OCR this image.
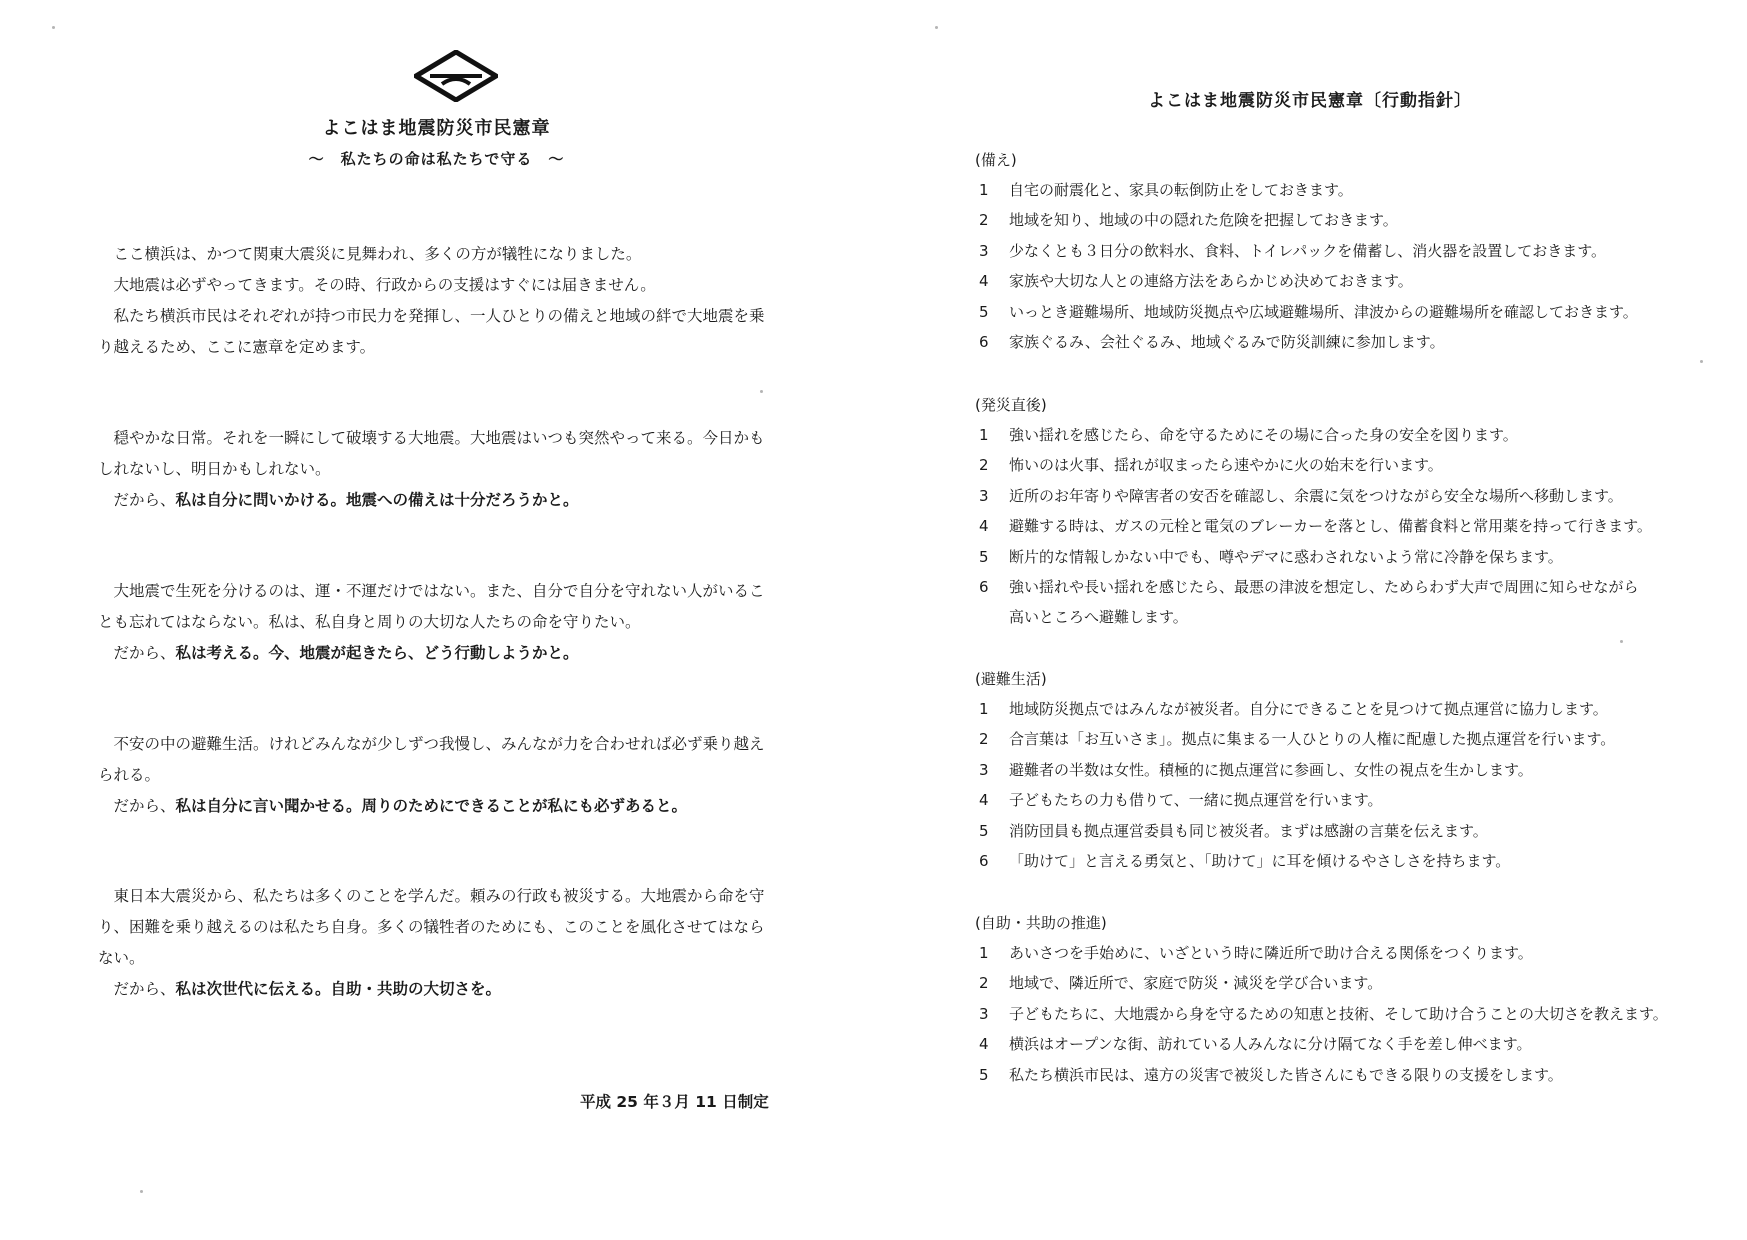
よこはま地震防災市民憲章
～　私たちの命は私たちで守る　～

ここ横浜は、かつて関東大震災に見舞われ、多くの方が犠牲になりました。

大地震は必ずやってきます。その時、行政からの支援はすぐには届きません。

私たち横浜市民はそれぞれが持つ市民力を発揮し、一人ひとりの備えと地域の絆で大地震を乗り越えるため、ここに憲章を定めます。

穏やかな日常。それを一瞬にして破壊する大地震。大地震はいつも突然やって来る。今日かもしれないし、明日かもしれない。

だから、私は自分に問いかける。地震への備えは十分だろうかと。

大地震で生死を分けるのは、運・不運だけではない。また、自分で自分を守れない人がいることも忘れてはならない。私は、私自身と周りの大切な人たちの命を守りたい。

だから、私は考える。今、地震が起きたら、どう行動しようかと。

不安の中の避難生活。けれどみんなが少しずつ我慢し、みんなが力を合わせれば必ず乗り越えられる。

だから、私は自分に言い聞かせる。周りのためにできることが私にも必ずあると。

東日本大震災から、私たちは多くのことを学んだ。頼みの行政も被災する。大地震から命を守り、困難を乗り越えるのは私たち自身。多くの犠牲者のためにも、このことを風化させてはならない。

だから、私は次世代に伝える。自助・共助の大切さを。

平成 25 年３月 11 日制定
よこはま地震防災市民憲章〔行動指針〕
(備え)
1 自宅の耐震化と、家具の転倒防止をしておきます。
2 地域を知り、地域の中の隠れた危険を把握しておきます。
3 少なくとも３日分の飲料水、食料、トイレパックを備蓄し、消火器を設置しておきます。
4 家族や大切な人との連絡方法をあらかじめ決めておきます。
5 いっとき避難場所、地域防災拠点や広域避難場所、津波からの避難場所を確認しておきます。
6 家族ぐるみ、会社ぐるみ、地域ぐるみで防災訓練に参加します。
(発災直後)
1 強い揺れを感じたら、命を守るためにその場に合った身の安全を図ります。
2 怖いのは火事、揺れが収まったら速やかに火の始末を行います。
3 近所のお年寄りや障害者の安否を確認し、余震に気をつけながら安全な場所へ移動します。
4 避難する時は、ガスの元栓と電気のブレーカーを落とし、備蓄食料と常用薬を持って行きます。
5 断片的な情報しかない中でも、噂やデマに惑わされないよう常に冷静を保ちます。
6 強い揺れや長い揺れを感じたら、最悪の津波を想定し、ためらわず大声で周囲に知らせながら
高いところへ避難します。
(避難生活)
1 地域防災拠点ではみんなが被災者。自分にできることを見つけて拠点運営に協力します。
2 合言葉は「お互いさま」。拠点に集まる一人ひとりの人権に配慮した拠点運営を行います。
3 避難者の半数は女性。積極的に拠点運営に参画し、女性の視点を生かします。
4 子どもたちの力も借りて、一緒に拠点運営を行います。
5 消防団員も拠点運営委員も同じ被災者。まずは感謝の言葉を伝えます。
6 「助けて」と言える勇気と、「助けて」に耳を傾けるやさしさを持ちます。
(自助・共助の推進)
1 あいさつを手始めに、いざという時に隣近所で助け合える関係をつくります。
2 地域で、隣近所で、家庭で防災・減災を学び合います。
3 子どもたちに、大地震から身を守るための知恵と技術、そして助け合うことの大切さを教えます。
4 横浜はオープンな街、訪れている人みんなに分け隔てなく手を差し伸べます。
5 私たち横浜市民は、遠方の災害で被災した皆さんにもできる限りの支援をします。
